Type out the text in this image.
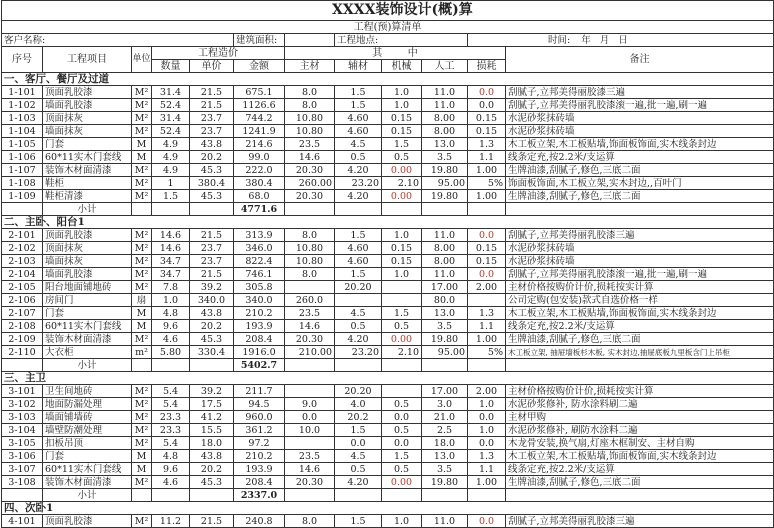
XXXX装饰设计(概)算											
工程(预)算清单											
客户名称:					建筑面积:		工程地点:			时间: 年   月   日	
序号	工程项目	单位	工程造价			其        中					备注
			数量	单价	金额	主材	辅材	机械	人工	损耗	
一、客厅、餐厅及过道											
1-101	顶面乳胶漆	M²	31.4	21.5	675.1	8.0	1.5	1.0	11.0	0.0	刮腻子,立邦美得丽胶漆三遍
1-102	墙面乳胶漆	M²	52.4	21.5	1126.6	8.0	1.5	1.0	11.0	0.0	刮腻子,立邦美得丽乳胶漆滚一遍,批一遍,刷一遍
1-103	顶面抹灰	M²	31.4	23.7	744.2	10.80	4.60	0.15	8.00	0.15	水泥砂浆抹砖墙
1-104	墙面抹灰	M²	52.4	23.7	1241.9	10.80	4.60	0.15	8.00	0.15	水泥砂浆抹砖墙
1-105	门套	M	4.9	43.8	214.6	23.5	4.5	1.5	13.0	1.3	木工板立架,木工板贴墙,饰面板饰面,实木线条封边
1-106	60*11实木门套线	M	4.9	20.2	99.0	14.6	0.5	0.5	3.5	1.1	线条定充,按2.2米/支运算
1-107	装饰木材面清漆	M²	4.9	45.3	222.0	20.30	4.20	0.00	19.80	1.00	生牌油漆,刮腻子,修色,三底二面
1-108	鞋柜	M²	1	380.4	380.4	260.00	23.20	2.10	95.00	5%	饰面板饰面,木工板立架,实木封边,,百叶门
1-109	鞋柜清漆	M²	1.5	45.3	68.0	20.30	4.20	0.00	19.80	1.00	生牌油漆,刮腻子,修色,三底二面
	小计				4771.6						
二、主卧、阳台1											
2-101	顶面乳胶漆	M²	14.6	21.5	313.9	8.0	1.5	1.0	11.0	0.0	刮腻子,立邦美得丽乳胶漆三遍
2-102	顶面抹灰	M²	14.6	23.7	346.0	10.80	4.60	0.15	8.00	0.15	水泥砂浆抹砖墙
2-103	墙面抹灰	M²	34.7	23.7	822.4	10.80	4.60	0.15	8.00	0.15	水泥砂浆抹砖墙
2-104	墙面乳胶漆	M²	34.7	21.5	746.1	8.0	1.5	1.0	11.0	0.0	刮腻子,立邦美得丽乳胶漆滚一遍,批一遍,刷一遍
2-105	阳台地面铺地砖	M²	7.8	39.2	305.8		20.20		17.00	2.00	主材价格按购价计价,损耗按实计算
2-106	房间门	扇	1.0	340.0	340.0	260.0			80.0		公司定购(包安装)款式自选价格一样
2-107	门套	M	4.8	43.8	210.2	23.5	4.5	1.5	13.0	1.3	木工板立架,木工板贴墙,饰面板饰面,实木线条封边
2-108	60*11实木门套线	M	9.6	20.2	193.9	14.6	0.5	0.5	3.5	1.1	线条定充,按2.2米/支运算
2-109	装饰木材面清漆	M²	4.6	45.3	208.4	20.30	4.20	0.00	19.80	1.00	生牌油漆,刮腻子,修色,三底二面
2-110	大衣柜	m²	5.80	330.4	1916.0	210.00	23.20	2.10	95.00	5%	木工板立架, 抽屉墙板杉木板, 实木封边,抽屉底板九里板含门上吊柜
	小计				5402.7						
三、主卫											
3-101	卫生间地砖	M²	5.4	39.2	211.7		20.20		17.00	2.00	主材价格按购价计价,损耗按实计算
3-102	地面防漏处理	M²	5.4	17.5	94.5	9.0	4.0	0.5	3.0	1.0	水泥砂浆修补, 防水涂料刷二遍
3-103	墙面铺墙砖	M²	23.3	41.2	960.0	0.0	20.2	0.0	21.0	0.0	主材甲购
3-104	墙壁防潮处理	M²	23.3	15.5	361.2	10.0	1.5	0.5	2.5	1.0	水泥砂浆修补, 刷防水涂料二遍
3-105	扣板吊顶	M²	5.4	18.0	97.2		0.0	0.0	18.0	0.0	木龙骨安装,换气扇,灯座木框制安、主材自购
3-106	门套	M	4.8	43.8	210.2	23.5	4.5	1.5	13.0	1.3	木工板立架,木工板贴墙,饰面板饰面,实木线条封边
3-107	60*11实木门套线	M	9.6	20.2	193.9	14.6	0.5	0.5	3.5	1.1	线条定充,按2.2米/支运算
3-108	装饰木材面清漆	M²	4.6	45.3	208.4	20.30	4.20	0.00	19.80	1.00	生牌油漆,刮腻子,修色,三底二面
	小计				2337.0						
四、次卧1											
4-101	顶面乳胶漆	M²	11.2	21.5	240.8	8.0	1.5	1.0	11.0	0.0	刮腻子,立邦美得丽乳胶漆三遍
